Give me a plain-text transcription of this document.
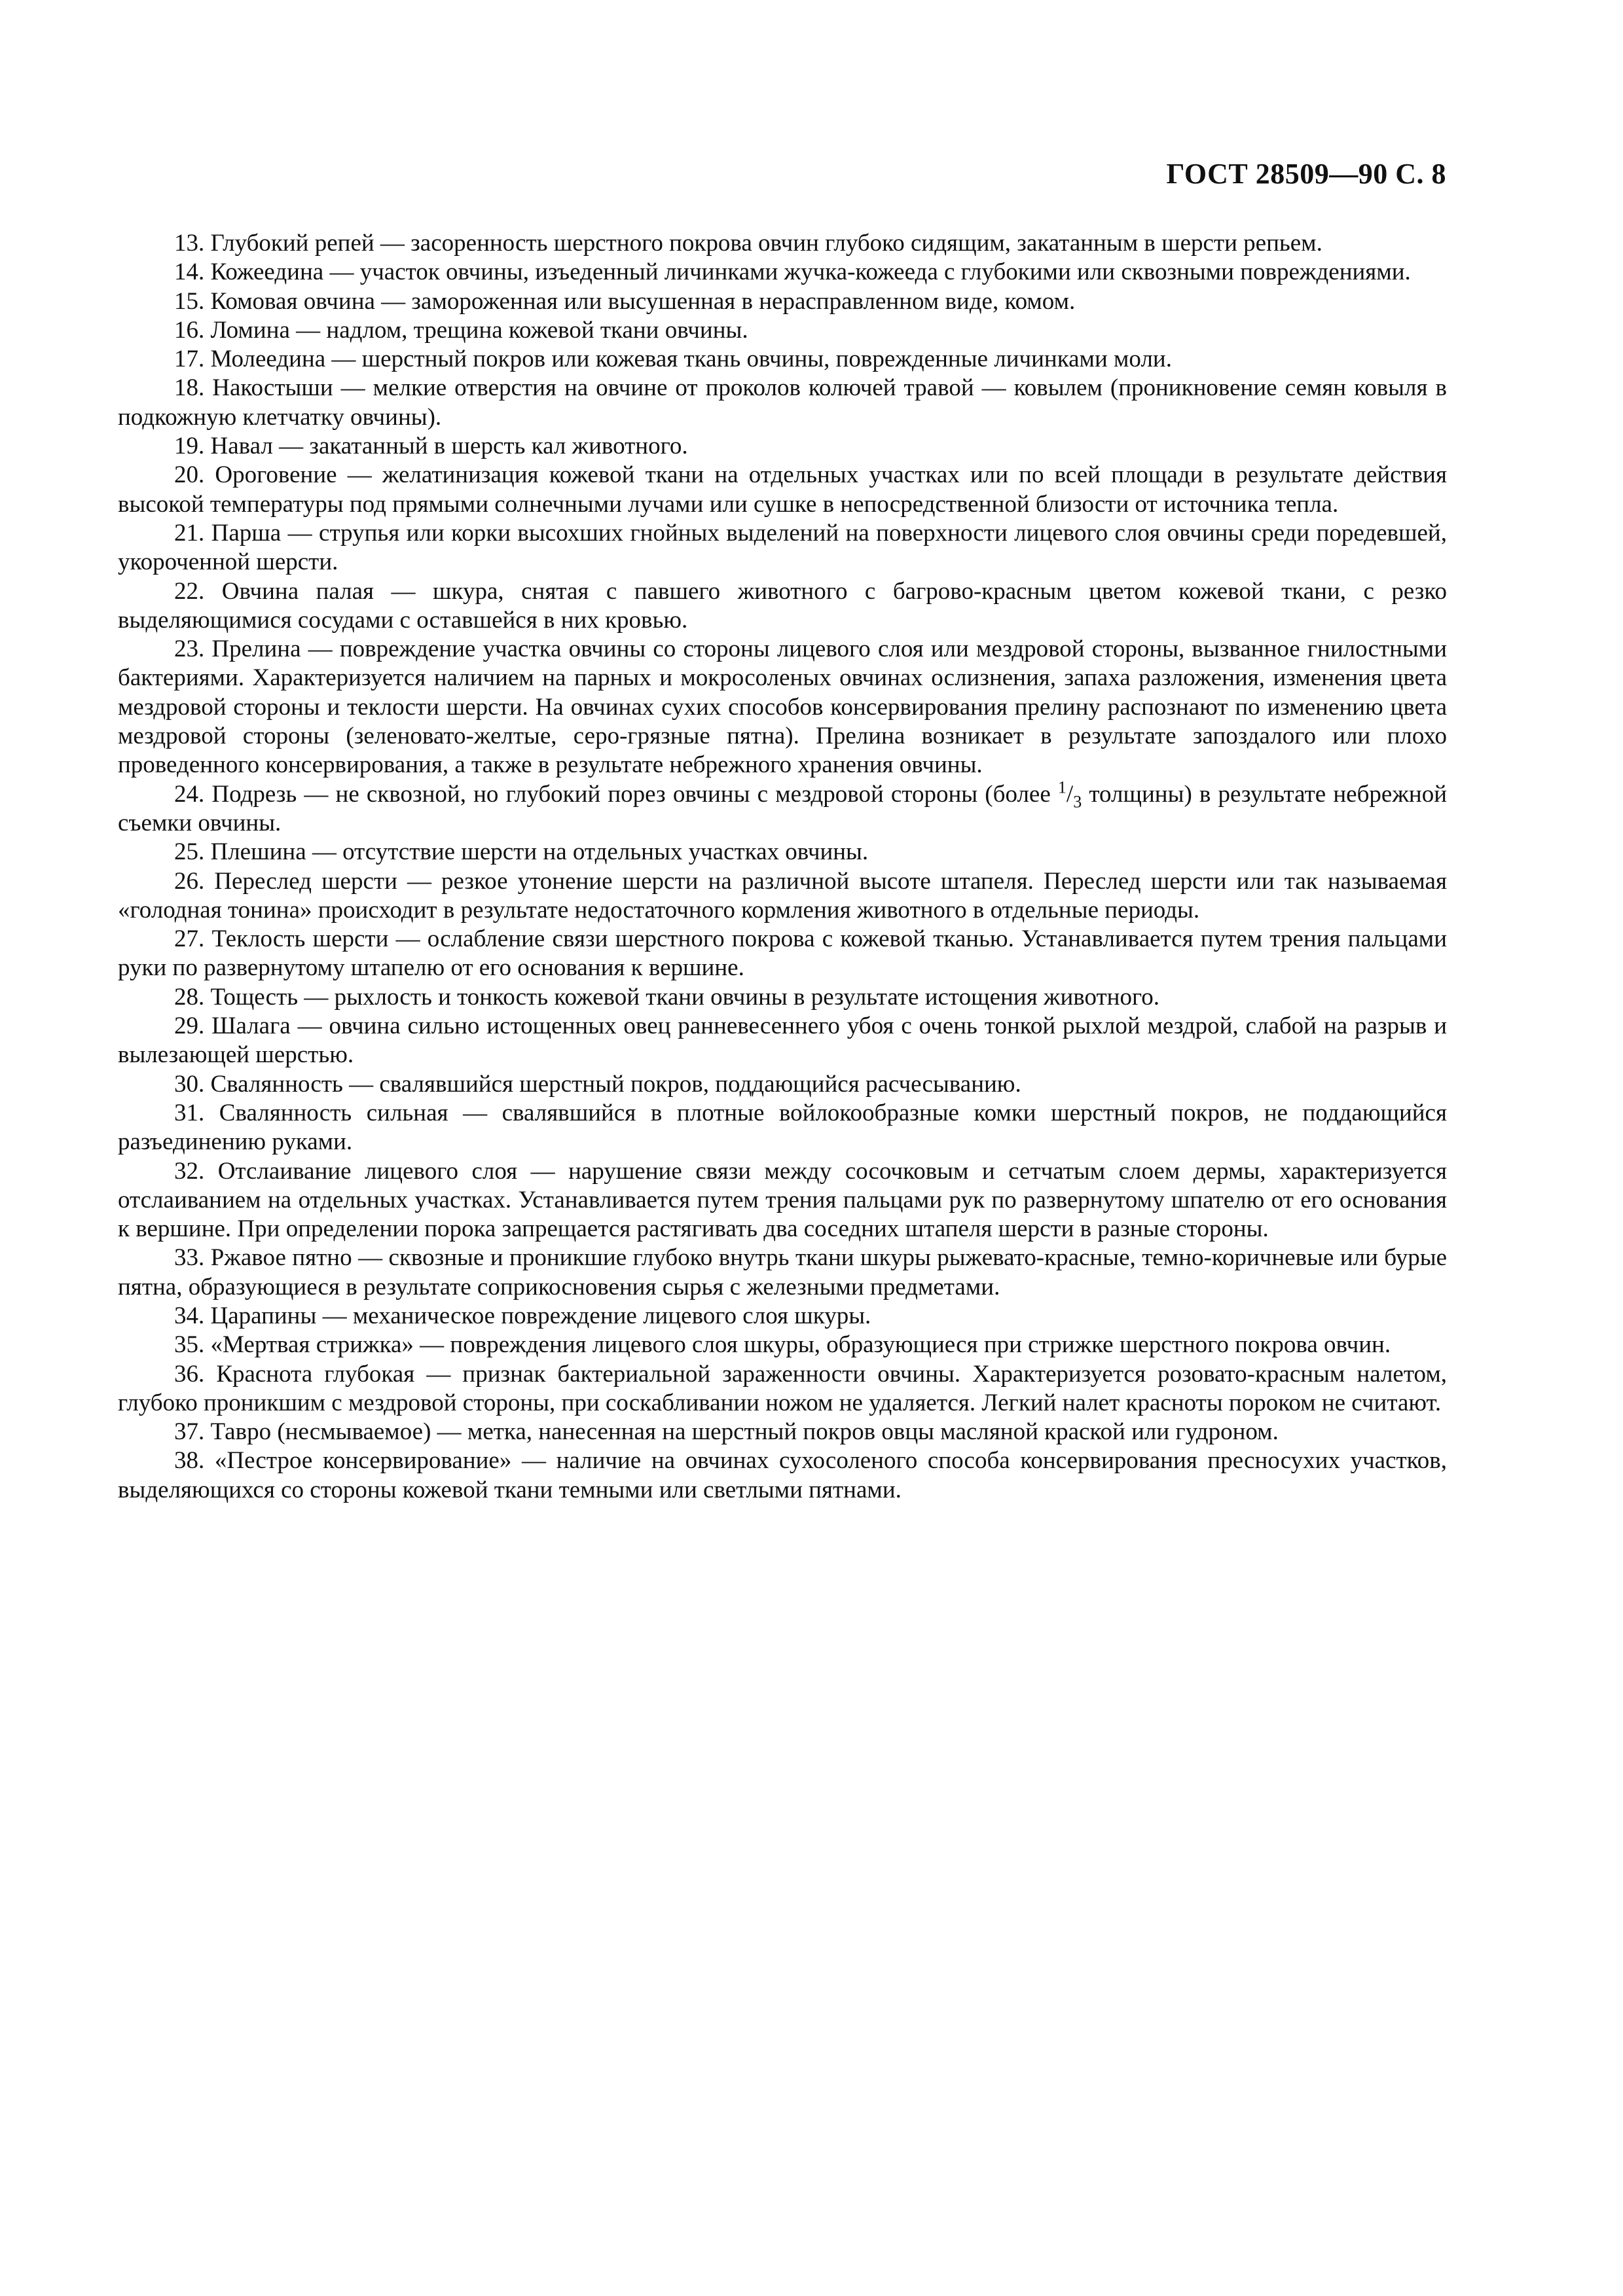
ГОСТ 28509—90 С. 8

13. Глубокий репей — засоренность шерстного покрова овчин глубоко сидящим, закатанным в шерсти репьем.

14. Кожеедина — участок овчины, изъеденный личинками жучка-кожееда с глубокими или сквозными повреждениями.

15. Комовая овчина — замороженная или высушенная в нерасправленном виде, комом.

16. Ломина — надлом, трещина кожевой ткани овчины.

17. Молеедина — шерстный покров или кожевая ткань овчины, поврежденные личинками моли.

18. Накостыши — мелкие отверстия на овчине от проколов колючей травой — ковылем (проникновение семян ковыля в подкожную клетчатку овчины).

19. Навал — закатанный в шерсть кал животного.

20. Ороговение — желатинизация кожевой ткани на отдельных участках или по всей площади в результате действия высокой температуры под прямыми солнечными лучами или сушке в непосредственной близости от источника тепла.

21. Парша — струпья или корки высохших гнойных выделений на поверхности лицевого слоя овчины среди поредевшей, укороченной шерсти.

22. Овчина палая — шкура, снятая с павшего животного с багрово-красным цветом кожевой ткани, с резко выделяющимися сосудами с оставшейся в них кровью.

23. Прелина — повреждение участка овчины со стороны лицевого слоя или мездровой стороны, вызванное гнилостными бактериями. Характеризуется наличием на парных и мокросоленых овчинах ослизнения, запаха разложения, изменения цвета мездровой стороны и теклости шерсти. На овчинах сухих способов консервирования прелину распознают по изменению цвета мездровой стороны (зеленовато-желтые, серо-грязные пятна). Прелина возникает в результате запоздалого или плохо проведенного консервирования, а также в результате небрежного хранения овчины.

24. Подрезь — не сквозной, но глубокий порез овчины с мездровой стороны (более $^1/_3$ толщины) в результате небрежной съемки овчины.

25. Плешина — отсутствие шерсти на отдельных участках овчины.

26. Переслед шерсти — резкое утонение шерсти на различной высоте штапеля. Переслед шерсти или так называемая «голодная тонина» происходит в результате недостаточного кормления животного в отдельные периоды.

27. Теклость шерсти — ослабление связи шерстного покрова с кожевой тканью. Устанавливается путем трения пальцами руки по развернутому штапелю от его основания к вершине.

28. Тощесть — рыхлость и тонкость кожевой ткани овчины в результате истощения животного.

29. Шалага — овчина сильно истощенных овец ранневесеннего убоя с очень тонкой рыхлой мездрой, слабой на разрыв и вылезающей шерстью.

30. Свалянность — свалявшийся шерстный покров, поддающийся расчесыванию.

31. Свалянность сильная — свалявшийся в плотные войлокообразные комки шерстный покров, не поддающийся разъединению руками.

32. Отслаивание лицевого слоя — нарушение связи между сосочковым и сетчатым слоем дермы, характеризуется отслаиванием на отдельных участках. Устанавливается путем трения пальцами рук по развернутому шпателю от его основания к вершине. При определении порока запрещается растягивать два соседних штапеля шерсти в разные стороны.

33. Ржавое пятно — сквозные и проникшие глубоко внутрь ткани шкуры рыжевато-красные, темно-коричневые или бурые пятна, образующиеся в результате соприкосновения сырья с железными предметами.

34. Царапины — механическое повреждение лицевого слоя шкуры.

35. «Мертвая стрижка» — повреждения лицевого слоя шкуры, образующиеся при стрижке шерстного покрова овчин.

36. Краснота глубокая — признак бактериальной зараженности овчины. Характеризуется розовато-красным налетом, глубоко проникшим с мездровой стороны, при соскабливании ножом не удаляется. Легкий налет красноты пороком не считают.

37. Тавро (несмываемое) — метка, нанесенная на шерстный покров овцы масляной краской или гудроном.

38. «Пестрое консервирование» — наличие на овчинах сухосоленого способа консервирования пресносухих участков, выделяющихся со стороны кожевой ткани темными или светлыми пятнами.
